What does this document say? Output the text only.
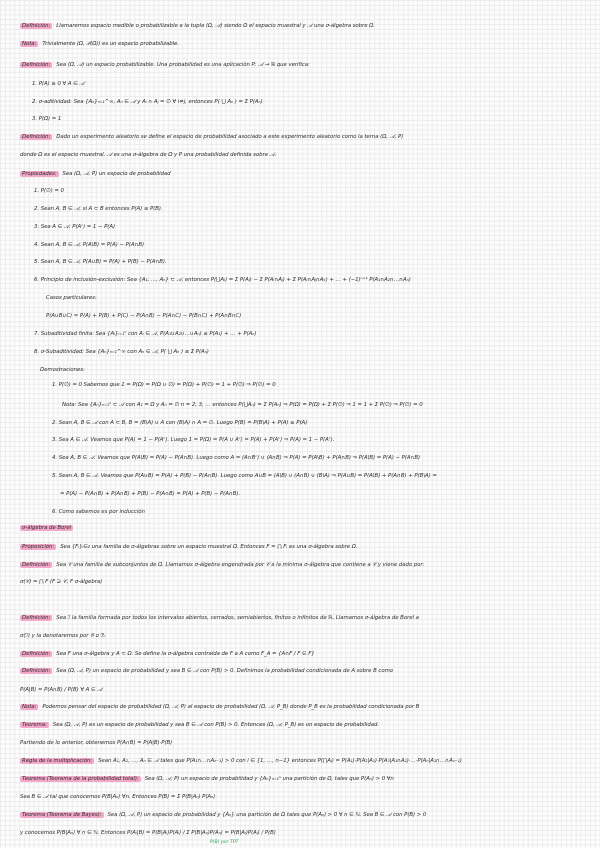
Definición: Llamaremos espacio medible o probabilizable a la tupla (Ω, 𝒜) siendo Ω el espacio muestral y 𝒜 una σ-álgebra sobre Ω.
Nota: Trivialmente (Ω, 𝒫(Ω)) es un espacio probabilizable.
Definición: Sea (Ω, 𝒜) un espacio probabilizable. Una probabilidad es una aplicación P: 𝒜 → ℝ que verifica:
1. P(A) ≥ 0 ∀ A ∈ 𝒜
2. σ-aditividad: Sea {Aₙ}ₙ₌₁^∞, Aₙ ∈ 𝒜 y Aᵢ ∩ Aⱼ = ∅ ∀ i≠j, entonces P( ⋃ Aₙ ) = Σ P(Aₙ)
3. P(Ω) = 1
Definición: Dado un experimento aleatorio se define el espacio de probabilidad asociado a este experimento aleatorio como la terna (Ω, 𝒜, P)
donde Ω es el espacio muestral, 𝒜 es una σ-álgebra de Ω y P una probabilidad definida sobre 𝒜.
Propiedades: Sea (Ω, 𝒜, P) un espacio de probabilidad
1. P(∅) = 0
2. Sean A, B ∈ 𝒜, si A ⊂ B entonces P(A) ≤ P(B).
3. Sea A ∈ 𝒜, P(Aᶜ) = 1 − P(A)
4. Sean A, B ∈ 𝒜, P(A\B) = P(A) − P(A∩B)
5. Sean A, B ∈ 𝒜, P(A∪B) = P(A) + P(B) − P(A∩B).
6. Principio de inclusión-exclusión: Sea {A₁, …, Aₙ} ⊂ 𝒜, entonces P(⋃Aᵢ) = Σ P(Aᵢ) − Σ P(Aᵢ∩Aⱼ) + Σ P(Aᵢ∩Aⱼ∩Aₖ) + … + (−1)ⁿ⁺¹ P(A₁∩A₂∩…∩Aₙ)
Casos particulares:
P(A∪B∪C) = P(A) + P(B) + P(C) − P(A∩B) − P(A∩C) − P(B∩C) + P(A∩B∩C)
7. Subaditividad finita: Sea {Aᵢ}ᵢ₌₁ⁿ con Aᵢ ∈ 𝒜, P(A₁∪A₂∪…∪Aₙ) ≤ P(A₁) + … + P(Aₙ)
8. σ-Subaditividad: Sea {Aₙ}ₙ₌₁^∞ con Aₙ ∈ 𝒜, P( ⋃ Aₙ ) ≤ Σ P(Aₙ)
Demostraciones:
1. P(∅) = 0 Sabemos que 1 = P(Ω) = P(Ω ∪ ∅) = P(Ω) + P(∅) = 1 + P(∅) ⇒ P(∅) = 0
Nota: Sea {Aₙ}ₙ₌₁ⁿ ⊂ 𝒜 con A₁ = Ω y Aₙ = ∅ n = 2, 3, … entonces P(⋃Aₙ) = Σ P(Aₙ) ⇒ P(Ω) = P(Ω) + Σ P(∅) ⇒ 1 = 1 + Σ P(∅) ⇒ P(∅) = 0
2. Sean A, B ∈ 𝒜 con A ⊂ B, B = (B\A) ∪ A con (B\A) ∩ A = ∅. Luego P(B) = P(B\A) + P(A) ≥ P(A)
3. Sea A ∈ 𝒜. Veamos que P(A) = 1 − P(Aᶜ). Luego 1 = P(Ω) = P(A ∪ Aᶜ) = P(A) + P(Aᶜ) ⇒ P(A) = 1 − P(Aᶜ).
4. Sea A, B ∈ 𝒜. Veamos que P(A\B) = P(A) − P(A∩B). Luego como A = (A∩Bᶜ) ∪ (A∩B) ⇒ P(A) = P(A\B) + P(A∩B) ⇒ P(A\B) = P(A) − P(A∩B)
5. Sean A, B ∈ 𝒜. Veamos que P(A∪B) = P(A) + P(B) − P(A∩B). Luego como A∪B = (A\B) ∪ (A∩B) ∪ (B\A) ⇒ P(A∪B) = P(A\B) + P(A∩B) + P(B\A) =
= P(A) − P(A∩B) + P(A∩B) + P(B) − P(A∩B) = P(A) + P(B) − P(A∩B).
6. Como sabemos es por inducción
σ-álgebra de Borel
Proposición: Sea {Fᵢ}ᵢ∈ɪ una familia de σ-álgebras sobre un espacio muestral Ω. Entonces F = ⋂ Fᵢ es una σ-álgebra sobre Ω.
Definición: Sea 𝒞 una familia de subconjuntos de Ω. Llamamos σ-álgebra engendrada por 𝒞 a la mínima σ-álgebra que contiene a 𝒞 y viene dado por:
σ(𝒞) = ⋂ F (F ⊇ 𝒞, F σ-álgebra)
Definición: Sea ℐ la familia formada por todos los intervalos abiertos, cerrados, semiabiertos, finitos o infinitos de ℝ. Llamamos σ-álgebra de Borel a
σ(ℐ) y la denotaremos por 𝔅 o ℬ.
Definición: Sea F una σ-álgebra y A ⊂ Ω. Se define la σ-álgebra contraída de F a A como F_A = {A∩F / F ∈ F}
Definición: Sea (Ω, 𝒜, P) un espacio de probabilidad y sea B ∈ 𝒜 con P(B) > 0. Definimos la probabilidad condicionada de A sobre B como
P(A|B) = P(A∩B) / P(B) ∀ A ∈ 𝒜
Nota: Podemos pensar del espacio de probabilidad (Ω, 𝒜, P) al espacio de probabilidad (Ω, 𝒜, P_B) donde P_B es la probabilidad condicionada por B
Teorema: Sea (Ω, 𝒜, P) es un espacio de probabilidad y sea B ∈ 𝒜 con P(B) > 0. Entonces (Ω, 𝒜, P_B) es un espacio de probabilidad.
Partiendo de lo anterior, obtenemos P(A∩B) = P(A|B)·P(B)
Regla de la multiplicación: Sean A₁, A₂, …, Aₙ ∈ 𝒜 tales que P(A₁∩…∩Aₙ₋₁) > 0 con i ∈ {1, …, n−1} entonces P(⋂Aᵢ) = P(A₁)·P(A₂|A₁)·P(A₃|A₁∩A₂)·…·P(Aₙ|A₁∩…∩Aₙ₋₁)
Teorema (Teorema de la probabilidad total): Sea (Ω, 𝒜, P) un espacio de probabilidad y {Aₙ}ₙ₌₁ⁿ una partición de Ω, tales que P(Aₙ) > 0 ∀n
Sea B ∈ 𝒜 tal que conocemos P(B|Aₙ) ∀n. Entonces P(B) = Σ P(B|Aₙ) P(Aₙ)
Teorema (Teorema de Bayes): Sea (Ω, 𝒜, P) un espacio de probabilidad y {Aₙ} una partición de Ω tales que P(Aₙ) > 0 ∀ n ∈ ℕ. Sea B ∈ 𝒜 con P(B) > 0
y conocemos P(B|Aₙ) ∀ n ∈ ℕ. Entonces P(Aᵢ|B) = P(B|Aᵢ)P(Aᵢ) / Σ P(B|Aₙ)P(Aₙ) = P(B|Aᵢ)P(Aᵢ) / P(B)
P(B) por TPT
